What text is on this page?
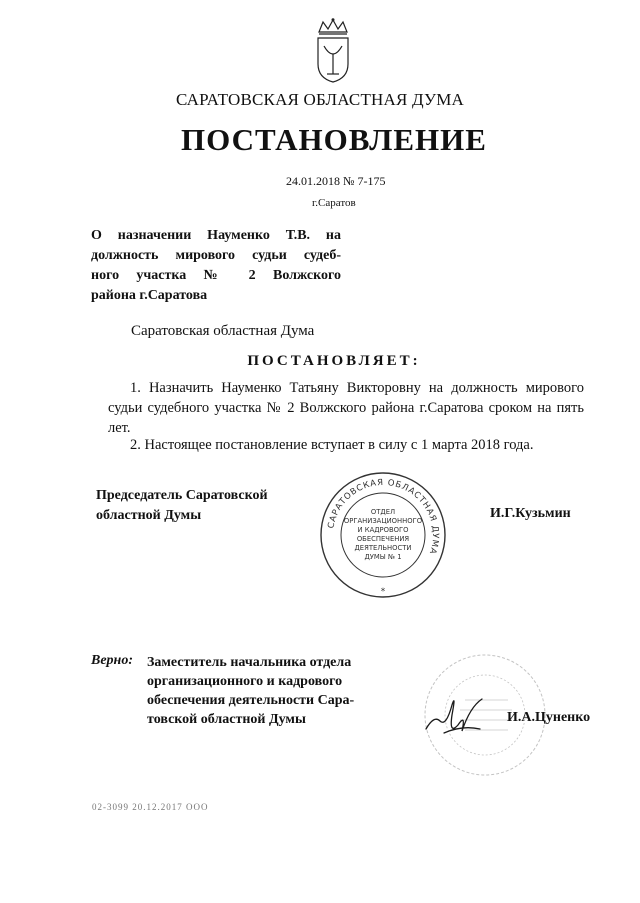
САРАТОВСКАЯ ОБЛАСТНАЯ ДУМА
ПОСТАНОВЛЕНИЕ
24.01.2018 № 7-175
г.Саратов
О назначении Науменко Т.В. на
должность мирового судьи судеб-
ного участка № 2 Волжского
района г.Саратова
Саратовская областная Дума
ПОСТАНОВЛЯЕТ:
1. Назначить Науменко Татьяну Викторовну на должность мирового
судьи судебного участка № 2 Волжского района г.Саратова сроком на пять
лет.
2. Настоящее постановление вступает в силу с 1 марта 2018 года.
Председатель Саратовской
областной Думы	И.Г.Кузьмин
САРАТОВСКАЯ ОБЛАСТНАЯ ДУМА
ОТДЕЛ
ОРГАНИЗАЦИОННОГО
И КАДРОВОГО
ОБЕСПЕЧЕНИЯ
ДЕЯТЕЛЬНОСТИ
ДУМЫ № 1
*
Верно: Заместитель начальника отдела
организационного и кадрового
обеспечения деятельности Сара-
товской областной Думы	И.А.Цуненко
02-3099 20.12.2017 ООО
